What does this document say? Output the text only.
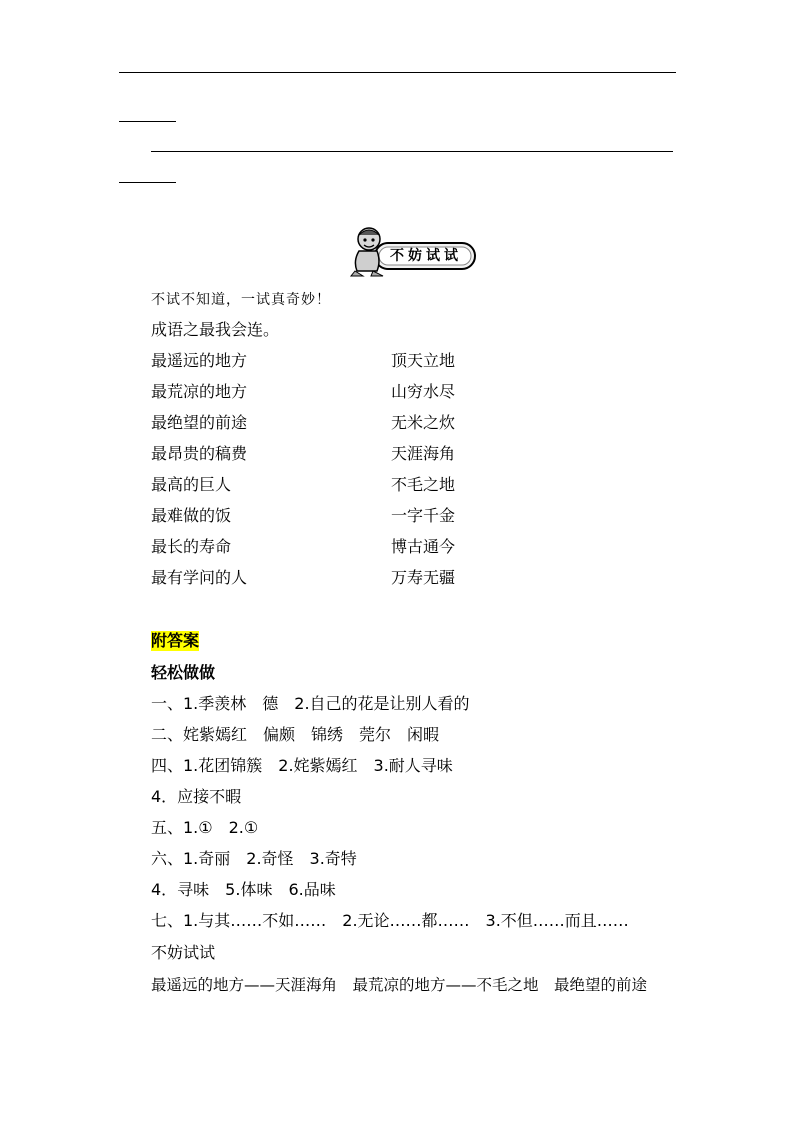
不妨试试
不试不知道，一试真奇妙！
成语之最我会连。
最遥远的地方	顶天立地
最荒凉的地方	山穷水尽
最绝望的前途	无米之炊
最昂贵的稿费	天涯海角
最高的巨人	不毛之地
最难做的饭	一字千金
最长的寿命	博古通今
最有学问的人	万寿无疆
附答案
轻松做做
一、1.季羡林　德　2.自己的花是让别人看的
二、姹紫嫣红　偏颇　锦绣　莞尔　闲暇
四、1.花团锦簇　2.姹紫嫣红　3.耐人寻味
4．应接不暇
五、1.①　2.①
六、1.奇丽　2.奇怪　3.奇特
4．寻味　5.体味　6.品味
七、1.与其……不如……　2.无论……都……　3.不但……而且……
不妨试试
最遥远的地方——天涯海角　最荒凉的地方——不毛之地　最绝望的前途
